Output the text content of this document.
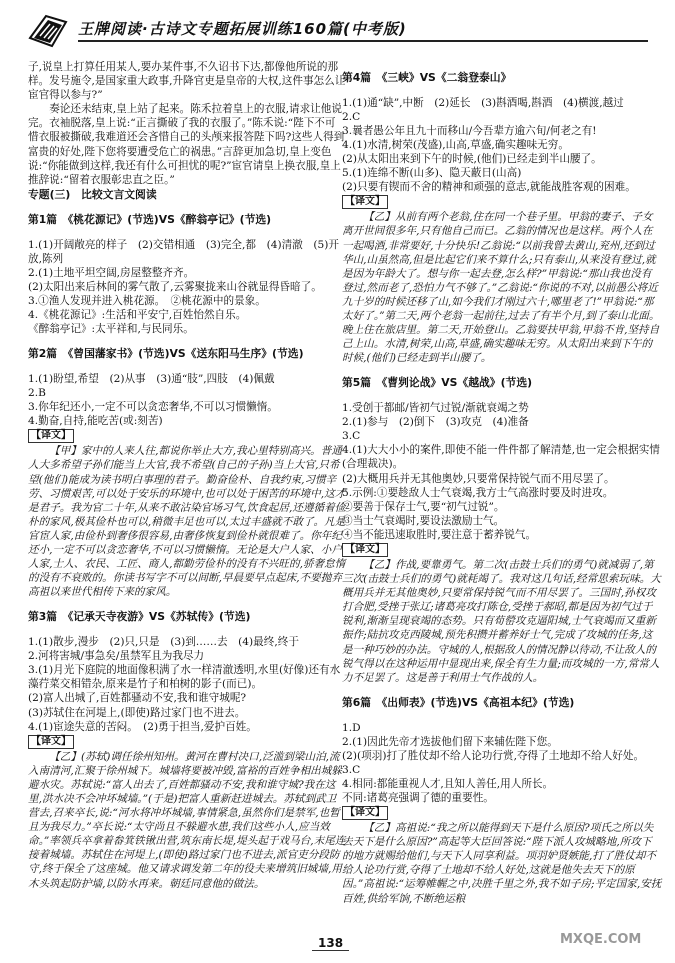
王牌阅读·古诗文专题拓展训练160篇(中考版)

子,说皇上打算任用某人,要办某件事,不久诏书下达,都像他所说的那样。发号施令,是国家重大政事,升降官吏是皇帝的大权,这件事怎么让宦官得以参与?”

奏论还未结束,皇上站了起来。陈禾拉着皇上的衣服,请求让他说完。衣袖脱落,皇上说:“正言撕破了我的衣服了。”陈禾说:“陛下不可惜衣服被撕破,我难道还会吝惜自己的头颅来报答陛下吗?这些人得到富贵的好处,陛下您将要遭受危亡的祸患。”言辞更加急切,皇上变色说:“你能做到这样,我还有什么可担忧的呢?”宦官请皇上换衣服,皇上推辞说:“留着衣服彰忠直之臣。”

专题(三)　比较文言文阅读

第1篇　《桃花源记》(节选)VS《醉翁亭记》(节选)

1.(1)开阔敞亮的样子　(2)交错相通　(3)完全,都　(4)清澈　(5)开放,陈列

2.(1)土地平坦空阔,房屋整整齐齐。

(2)太阳出来后林间的雾气散了,云雾聚拢来山谷就显得昏暗了。

3.①渔人发现并进入桃花源。　②桃花源中的景象。

4.《桃花源记》:生活和平安宁,百姓怡然自乐。

《醉翁亭记》:太平祥和,与民同乐。

第2篇　《曾国藩家书》(节选)VS《送东阳马生序》(节选)

1.(1)盼望,希望　(2)从事　(3)通“肢”,四肢　(4)佩戴

2.B

3.你年纪还小,一定不可以贪恋奢华,不可以习惯懒惰。

4.勤奋,自持,能吃苦(或:刻苦)

【译文】

【甲】家中的人来人往,都说你举止大方,我心里特别高兴。普通人大多希望子孙们能当上大官,我不希望(自己的子孙)当上大官,只希望(他们)能成为读书明白事理的君子。勤奋俭朴、自我约束,习惯辛劳、习惯艰苦,可以处于安乐的环境中,也可以处于困苦的环境中,这才是君子。我为官二十年,从来不敢沾染官场习气,饮食起居,还遵循着俭朴的家风,极其俭朴也可以,稍微丰足也可以,太过丰盛就不敢了。凡是官宦人家,由俭朴到奢侈很容易,由奢侈恢复到俭朴就很难了。你年纪还小,一定不可以贪恋奢华,不可以习惯懒惰。无论是大户人家、小户人家,士人、农民、工匠、商人,都勤劳俭朴的没有不兴旺的,骄奢怠惰的没有不衰败的。你读书写字不可以间断,早晨要早点起床,不要抛弃高祖以来世代相传下来的家风。

第3篇　《记承天寺夜游》VS《苏轼传》(节选)

1.(1)散步,漫步　(2)只,只是　(3)到……去　(4)最终,终于

2.河将害城/事急矣/虽禁军且为我尽力

3.(1)月光下庭院的地面像积满了水一样清澈透明,水里(好像)还有水藻荇菜交相错杂,原来是竹子和柏树的影子(而已)。

(2)富人出城了,百姓都骚动不安,我和谁守城呢?

(3)苏轼住在河堤上,(即使)路过家门也不进去。

4.(1)宦途失意的苦闷。　(2)勇于担当,爱护百姓。

【译文】

【乙】(苏轼)调任徐州知州。黄河在曹村决口,泛滥到梁山泊,流入南清河,汇聚于徐州城下。城墙将要被冲毁,富裕的百姓争相出城躲避水灾。苏轼说:“富人出去了,百姓都骚动不安,我和谁守城?我在这里,洪水决不会冲坏城墙。”(于是)把富人重新赶进城去。苏轼到武卫营去,召来卒长,说:“河水将冲坏城墙,事情紧急,虽然你们是禁军,也暂且为我尽力。”卒长说:“太守尚且不躲避水患,我们这些小人,应当效命。”率领兵卒拿着畚箕铁锹出营,筑东南长堤,堤头起于戏马台,末尾连接着城墙。苏轼住在河堤上,(即使)路过家门也不进去,派官吏分段防守,终于保全了这座城。他又请求调发第二年的役夫来增筑旧城墙,用木头筑起防护墙,以防水再来。朝廷同意他的做法。

第4篇　《三峡》VS《二翁登泰山》

1.(1)通“缺”,中断　(2)延长　(3)斟酒喝,斟酒　(4)横渡,越过

2.C

3.曩者愚公年且九十而移山/今吾辈方逾六旬/何老之有!

4.(1)水清,树荣(茂盛),山高,草盛,确实趣味无穷。

(2)从太阳出来到下午的时候,(他们)已经走到半山腰了。

5.(1)连绵不断(山多)、隐天蔽日(山高)

(2)只要有锲而不舍的精神和顽强的意志,就能战胜客观的困难。

【译文】

【乙】从前有两个老翁,住在同一个巷子里。甲翁的妻子、子女离开世间很多年,只有他自己而已。乙翁的情况也是这样。两个人在一起喝酒,非常要好,十分快乐!乙翁说:“以前我曾去黄山,兖州,还到过华山,山虽然高,但是比起它们来不算什么;只有泰山,从来没有登过,就是因为年龄大了。想与你一起去登,怎么样?”甲翁说:“那山我也没有登过,然而老了,恐怕力气不够了。”乙翁说:“你说的不对,以前愚公将近九十岁的时候还移了山,如今我们才刚过六十,哪里老了!”甲翁说:“那太好了。”第二天,两个老翁一起前往,过去了有半个月,到了泰山北面。晚上住在旅店里。第二天,开始登山。乙翁要扶甲翁,甲翁不肯,坚持自己上山。水清,树荣,山高,草盛,确实趣味无穷。从太阳出来到下午的时候,(他们)已经走到半山腰了。

第5篇　《曹刿论战》VS《越战》(节选)

1.受创于都邮/皆初气过锐/渐就衰竭之势

2.(1)参与　(2)倒下　(3)攻克　(4)准备

3.C

4.(1)大大小小的案件,即使不能一件件都了解清楚,也一定会根据实情(合理裁决)。

(2)大概用兵并无其他奥妙,只要常保持锐气而不用尽罢了。

5.示例:①要趁敌人士气衰竭,我方士气高涨时要及时进攻。

②要善于保存士气,要“初气过锐”。

③当士气衰竭时,要设法激励士气。

④当不能迅速取胜时,要注意于蓄养锐气。

【译文】

【乙】作战,要靠勇气。第二次(击鼓士兵们的勇气)就减弱了,第三次(击鼓士兵们的勇气)就耗竭了。我对这几句话,经常思索玩味。大概用兵并无其他奥妙,只要常保持锐气而不用尽罢了。三国时,孙权攻打合肥,受挫于张辽;诸葛亮攻打陈仓,受挫于郝昭,都是因为初气过于锐利,渐渐呈现衰竭的态势。只有荀罃攻克逼阳城,士气衰竭而又重新振作;陆抗攻克西陵城,预先积攒并蓄养好士气,完成了攻城的任务,这是一种巧妙的办法。守城的人,根据敌人的情况静以待动,不让敌人的锐气得以在这种运用中显现出来,保全有生力量;而攻城的一方,常常人力不足罢了。这是善于利用士气作战的人。

第6篇　《出师表》(节选)VS《高祖本纪》(节选)

1.D

2.(1)因此先帝才选拔他们留下来辅佐陛下您。

(2)(项羽)打了胜仗却不给人论功行赏,夺得了土地却不给人好处。

3.C

4.相同:都能重视人才,且知人善任,用人所长。

不同:诸葛亮强调了德的重要性。

【译文】

【乙】高祖说:“我之所以能得到天下是什么原因?项氏之所以失去天下是什么原因?”高起等大臣回答说:“陛下派人攻城略地,所攻下的地方就赐给他们,与天下人同享利益。项羽妒贤嫉能,打了胜仗却不给人论功行赏,夺得了土地却不给人好处,这就是他失去天下的原因。”高祖说:“运筹帷幄之中,决胜千里之外,我不如子房;平定国家,安抚百姓,供给军饷,不断绝运粮

138	MXQE.COM
